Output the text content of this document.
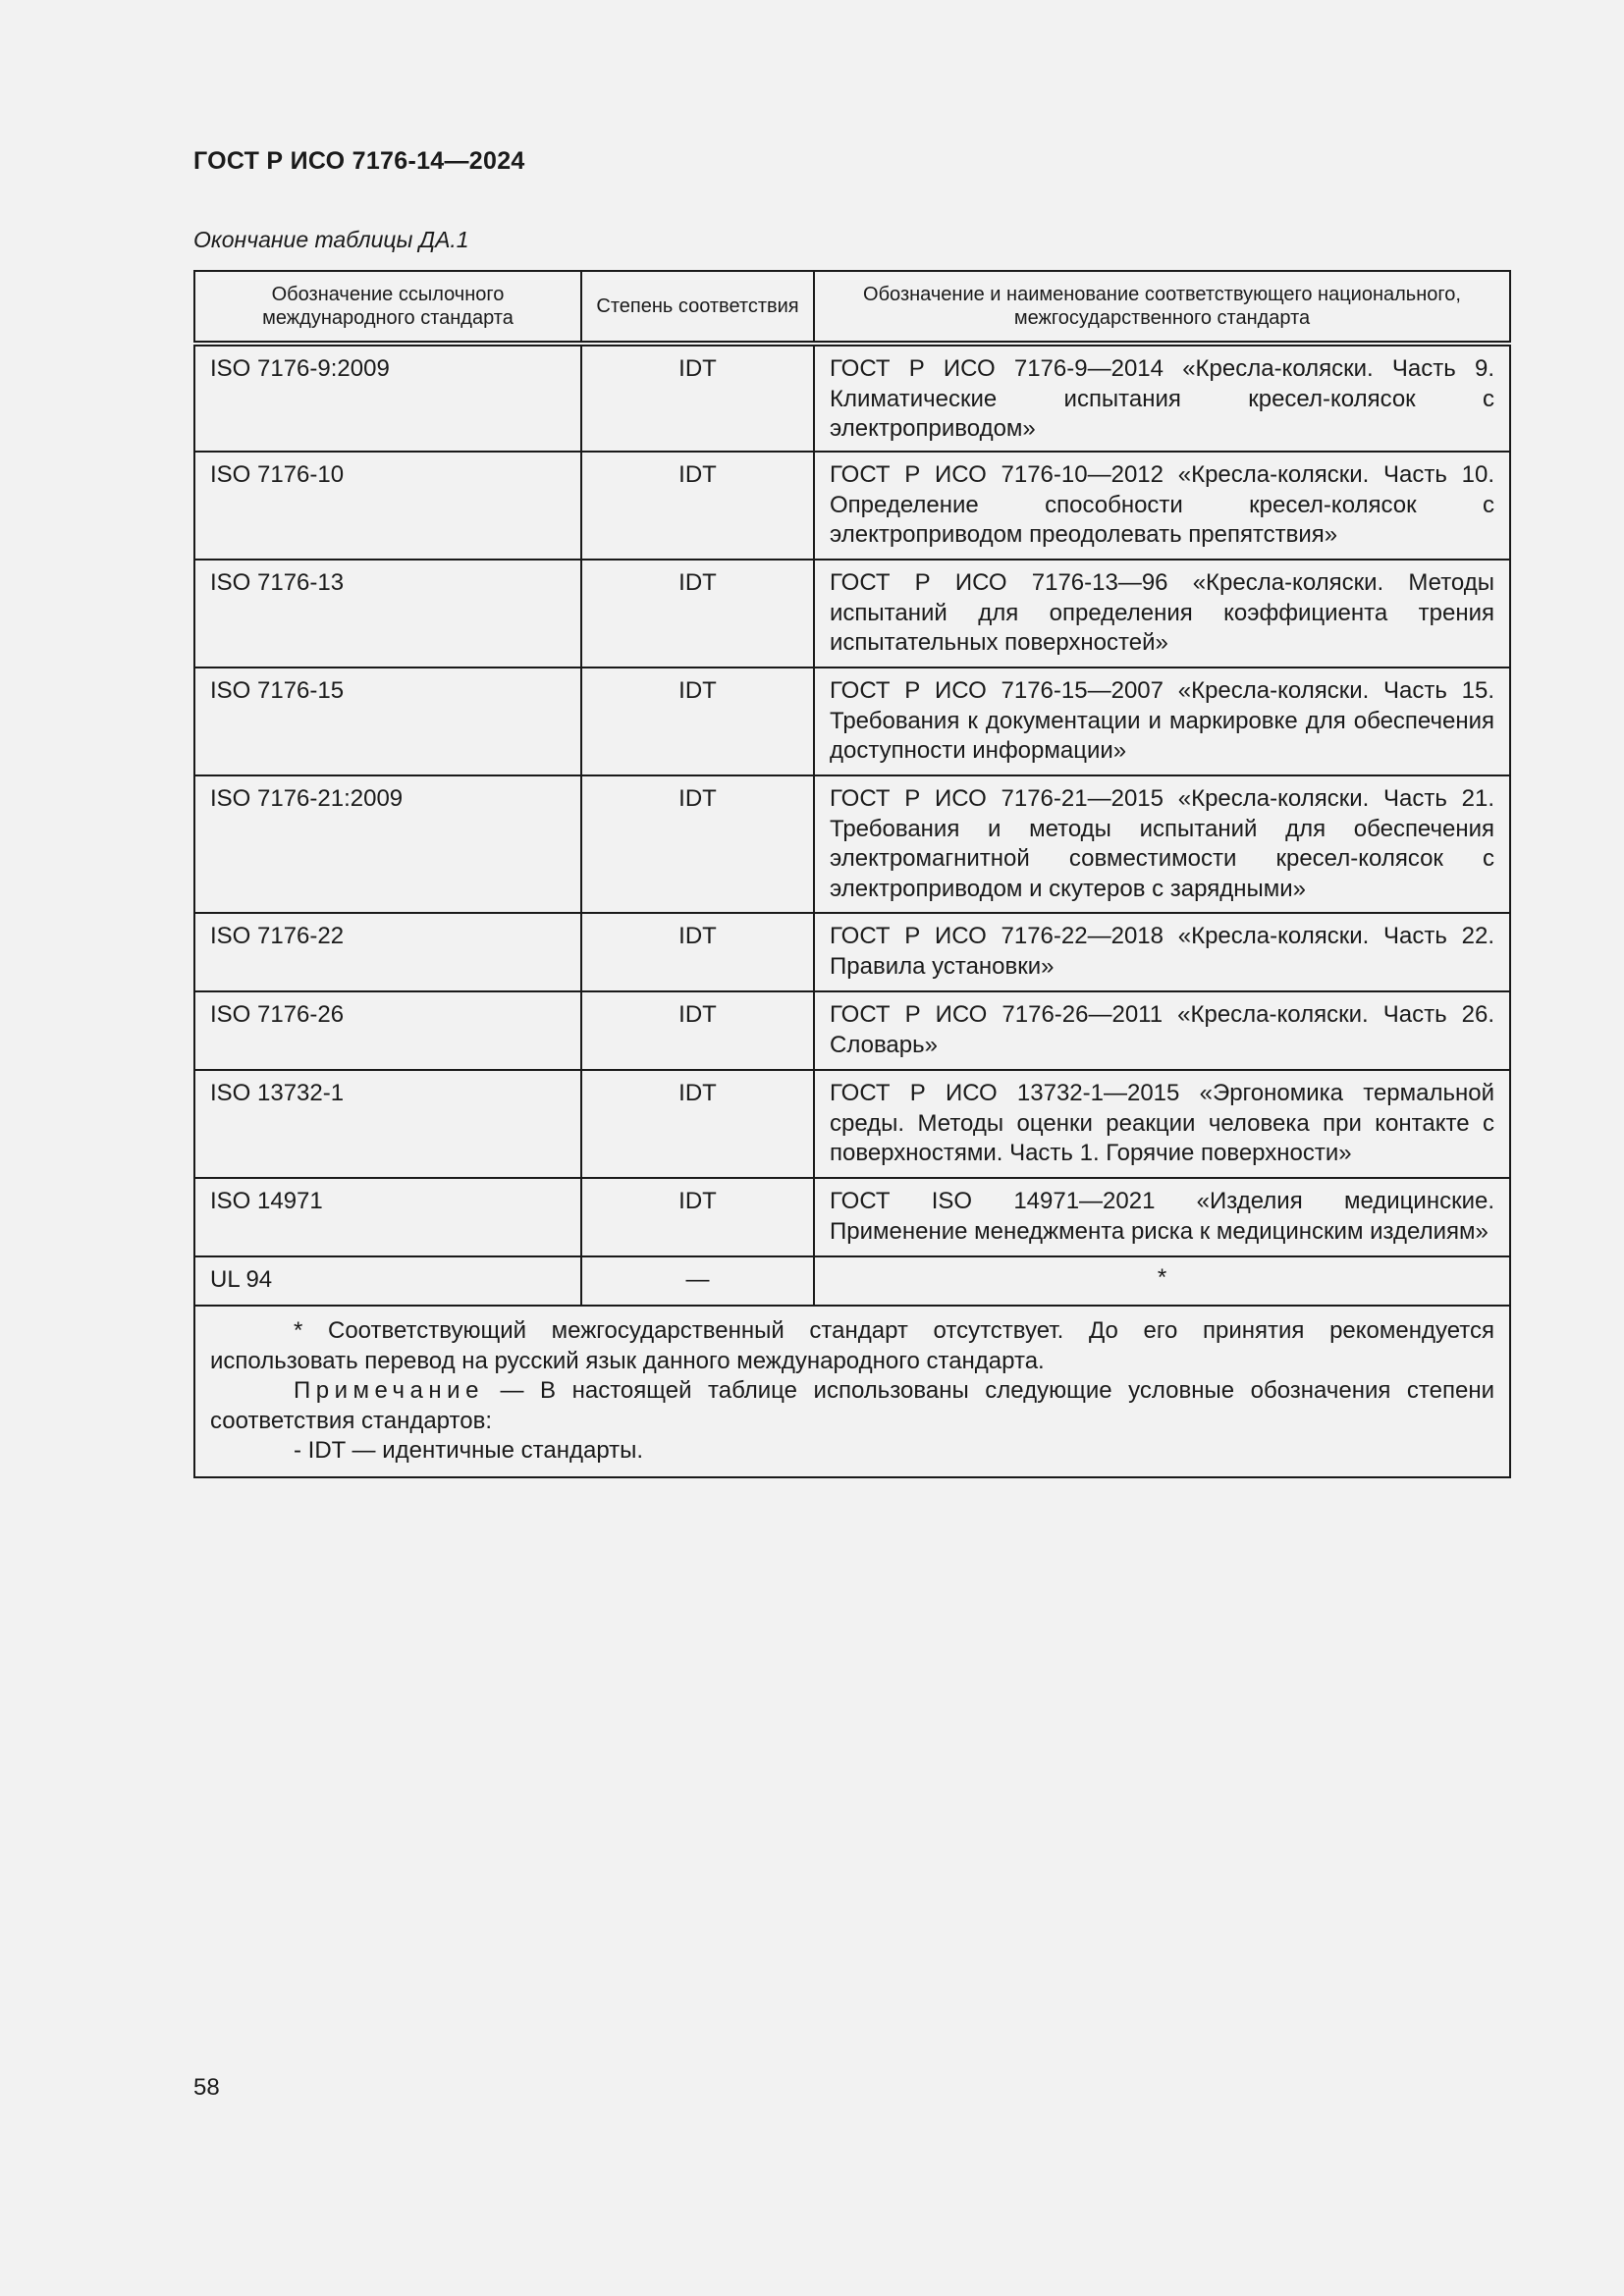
ГОСТ Р ИСО 7176-14—2024
Окончание таблицы ДА.1
Обозначение ссылочного международного стандарта	Степень соответствия	Обозначение и наименование соответствующего национального, межгосударственного стандарта
ISO 7176-9:2009	IDT	ГОСТ Р ИСО 7176-9—2014 «Кресла-коляски. Часть 9. Климатические испытания кресел-колясок с электроприводом»
ISO 7176-10	IDT	ГОСТ Р ИСО 7176-10—2012 «Кресла-коляски. Часть 10. Определение способности кресел-колясок с электроприводом преодолевать препятствия»
ISO 7176-13	IDT	ГОСТ Р ИСО 7176-13—96 «Кресла-коляски. Методы испытаний для определения коэффициента трения испытательных поверхностей»
ISO 7176-15	IDT	ГОСТ Р ИСО 7176-15—2007 «Кресла-коляски. Часть 15. Требования к документации и маркировке для обеспечения доступности информации»
ISO 7176-21:2009	IDT	ГОСТ Р ИСО 7176-21—2015 «Кресла-коляски. Часть 21. Требования и методы испытаний для обеспечения электромагнитной совместимости кресел-колясок с электроприводом и скутеров с зарядными»
ISO 7176-22	IDT	ГОСТ Р ИСО 7176-22—2018 «Кресла-коляски. Часть 22. Правила установки»
ISO 7176-26	IDT	ГОСТ Р ИСО 7176-26—2011 «Кресла-коляски. Часть 26. Словарь»
ISO 13732-1	IDT	ГОСТ Р ИСО 13732-1—2015 «Эргономика термальной среды. Методы оценки реакции человека при контакте с поверхностями. Часть 1. Горячие поверхности»
ISO 14971	IDT	ГОСТ ISO 14971—2021 «Изделия медицинские. Применение менеджмента риска к медицинским изделиям»
UL 94	—	*

* Соответствующий межгосударственный стандарт отсутствует. До его принятия рекомендуется использовать перевод на русский язык данного международного стандарта.
Примечание — В настоящей таблице использованы следующие условные обозначения степени соответствия стандартов:
- IDT — идентичные стандарты.		
58
